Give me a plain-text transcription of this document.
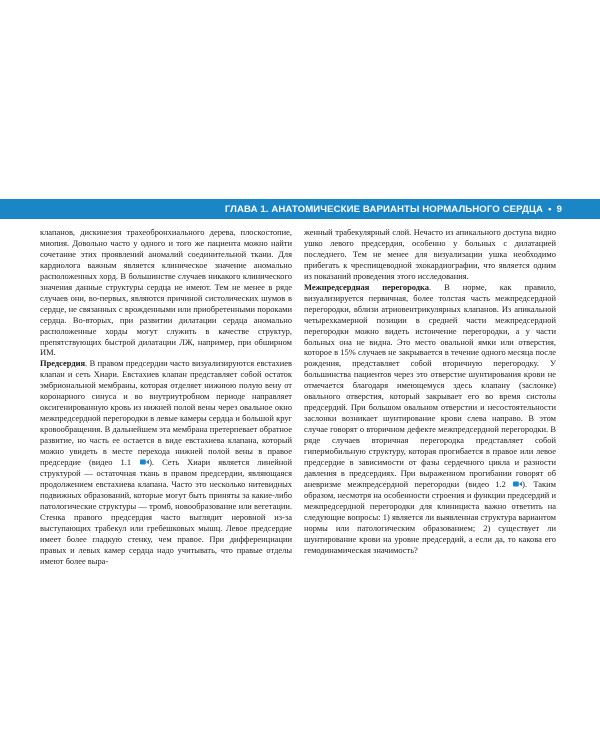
ГЛАВА 1. АНАТОМИЧЕСКИЕ ВАРИАНТЫ НОРМАЛЬНОГО СЕРДЦА • 9

клапанов, дискинезия трахеобронхиального дерева, плоскостопие, миопия. Довольно часто у одного и того же пациента можно найти сочетание этих проявлений аномалий соединительной ткани. Для кардиолога важным является клиническое значение аномально расположенных хорд. В большинстве случаев никакого клинического значения данные структуры сердца не имеют. Тем не менее в ряде случаев они, во-первых, являются причиной систолических шумов в сердце, не связанных с врожденными или приобретенными пороками сердца. Во-вторых, при развитии дилатации сердца аномально расположенные хорды могут служить в качестве структур, препятствующих быстрой дилатации ЛЖ, например, при обширном ИМ.

Предсердия. В правом предсердии часто визуализируются евстахиев клапан и сеть Хиари. Евстахиев клапан представляет собой остаток эмбриональной мембраны, которая отделяет нижнюю полую вену от коронарного синуса и во внутриутробном периоде направляет оксигенированную кровь из нижней полой вены через овальное окно межпредсердной перегородки в левые камеры сердца и большой круг кровообращения. В дальнейшем эта мембрана претерпевает обратное развитие, но часть ее остается в виде евстахиева клапана, который можно увидеть в месте перехода нижней полой вены в правое предсердие (видео 1.1 ). Сеть Хиари является линейной структурой — остаточная ткань в правом предсердии, являющаяся продолжением евстахиева клапана. Часто это несколько нитевидных подвижных образований, которые могут быть приняты за какие-либо патологические структуры — тромб, новообразование или вегетации. Стенка правого предсердия часто выглядит неровной из-за выступающих трабекул или гребешковых мышц. Левое предсердие имеет более гладкую стенку, чем правое. При дифференциации правых и левых камер сердца надо учитывать, что правые отделы имеют более выра-

женный трабекулярный слой. Нечасто из апикального доступа видно ушко левого предсердия, особенно у больных с дилатацией последнего. Тем не менее для визуализации ушка необходимо прибегать к чреспищеводной эхокардиографии, что является одним из показаний проведения этого исследования.

Межпредсердная перегородка. В норме, как правило, визуализируется первичная, более толстая часть межпредсердной перегородки, вблизи атриовентрикулярных клапанов. Из апикальной четырехкамерной позиции в средней части межпредсердной перегородки можно видеть истончение перегородки, а у части больных она не видна. Это место овальной ямки или отверстия, которое в 15% случаев не закрывается в течение одного месяца после рождения, представляет собой вторичную перегородку. У большинства пациентов через это отверстие шунтирования крови не отмечается благодаря имеющемуся здесь клапану (заслонке) овального отверстия, который закрывает его во время систолы предсердий. При большом овальном отверстии и несостоятельности заслонки возникает шунтирование крови слева направо. В этом случае говорят о вторичном дефекте межпредсердной перегородки. В ряде случаев вторичная перегородка представляет собой гипермобильную структуру, которая прогибается в правое или левое предсердие в зависимости от фазы сердечного цикла и разности давления в предсердиях. При выраженном прогибании говорят об аневризме межпредсердной перегородки (видео 1.2 ). Таким образом, несмотря на особенности строения и функции предсердий и межпредсердной перегородки для клинициста важно ответить на следующие вопросы: 1) является ли выявленная структура вариантом нормы или патологическим образованием; 2) существует ли шунтирование крови на уровне предсердий, а если да, то какова его гемодинамическая значимость?
